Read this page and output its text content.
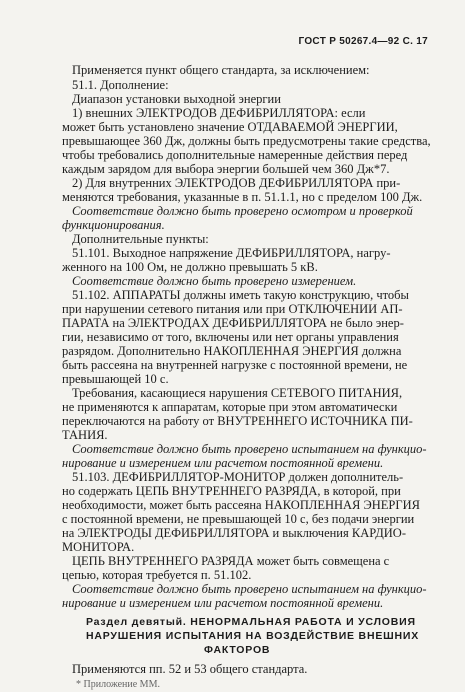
ГОСТ Р 50267.4—92 С. 17
Применяется пункт общего стандарта, за исключением:
51.1. Дополнение:
Диапазон установки выходной энергии
1) внешних ЭЛЕКТРОДОВ ДЕФИБРИЛЛЯТОРА: если
может быть установлено значение ОТДАВАЕМОЙ ЭНЕРГИИ,
превышающее 360 Дж, должны быть предусмотрены такие средства,
чтобы требовались дополнительные намеренные действия перед
каждым зарядом для выбора энергии большей чем 360 Дж*7.
2) Для внутренних ЭЛЕКТРОДОВ ДЕФИБРИЛЛЯТОРА при-
меняются требования, указанные в п. 51.1.1, но с пределом 100 Дж.
Соответствие должно быть проверено осмотром и проверкой
функционирования.
Дополнительные пункты:
51.101. Выходное напряжение ДЕФИБРИЛЛЯТОРА, нагру-
женного на 100 Ом, не должно превышать 5 кВ.
Соответствие должно быть проверено измерением.
51.102. АППАРАТЫ должны иметь такую конструкцию, чтобы
при нарушении сетевого питания или при ОТКЛЮЧЕНИИ АП-
ПАРАТА на ЭЛЕКТРОДАХ ДЕФИБРИЛЛЯТОРА не было энер-
гии, независимо от того, включены или нет органы управления
разрядом. Дополнительно НАКОПЛЕННАЯ ЭНЕРГИЯ должна
быть рассеяна на внутренней нагрузке с постоянной времени, не
превышающей 10 с.
Требования, касающиеся нарушения СЕТЕВОГО ПИТАНИЯ,
не применяются к аппаратам, которые при этом автоматически
переключаются на работу от ВНУТРЕННЕГО ИСТОЧНИКА ПИ-
ТАНИЯ.
Соответствие должно быть проверено испытанием на функцио-
нирование и измерением или расчетом постоянной времени.
51.103. ДЕФИБРИЛЛЯТОР-МОНИТОР должен дополнитель-
но содержать ЦЕПЬ ВНУТРЕННЕГО РАЗРЯДА, в которой, при
необходимости, может быть рассеяна НАКОПЛЕННАЯ ЭНЕРГИЯ
с постоянной времени, не превышающей 10 с, без подачи энергии
на ЭЛЕКТРОДЫ ДЕФИБРИЛЛЯТОРА и выключения КАРДИО-
МОНИТОРА.
ЦЕПЬ ВНУТРЕННЕГО РАЗРЯДА может быть совмещена с
цепью, которая требуется п. 51.102.
Соответствие должно быть проверено испытанием на функцио-
нирование и измерением или расчетом постоянной времени.
Раздел девятый. НЕНОРМАЛЬНАЯ РАБОТА И УСЛОВИЯ
НАРУШЕНИЯ ИСПЫТАНИЯ НА ВОЗДЕЙСТВИЕ ВНЕШНИХ
ФАКТОРОВ
Применяются пп. 52 и 53 общего стандарта.
* Приложение ММ.
